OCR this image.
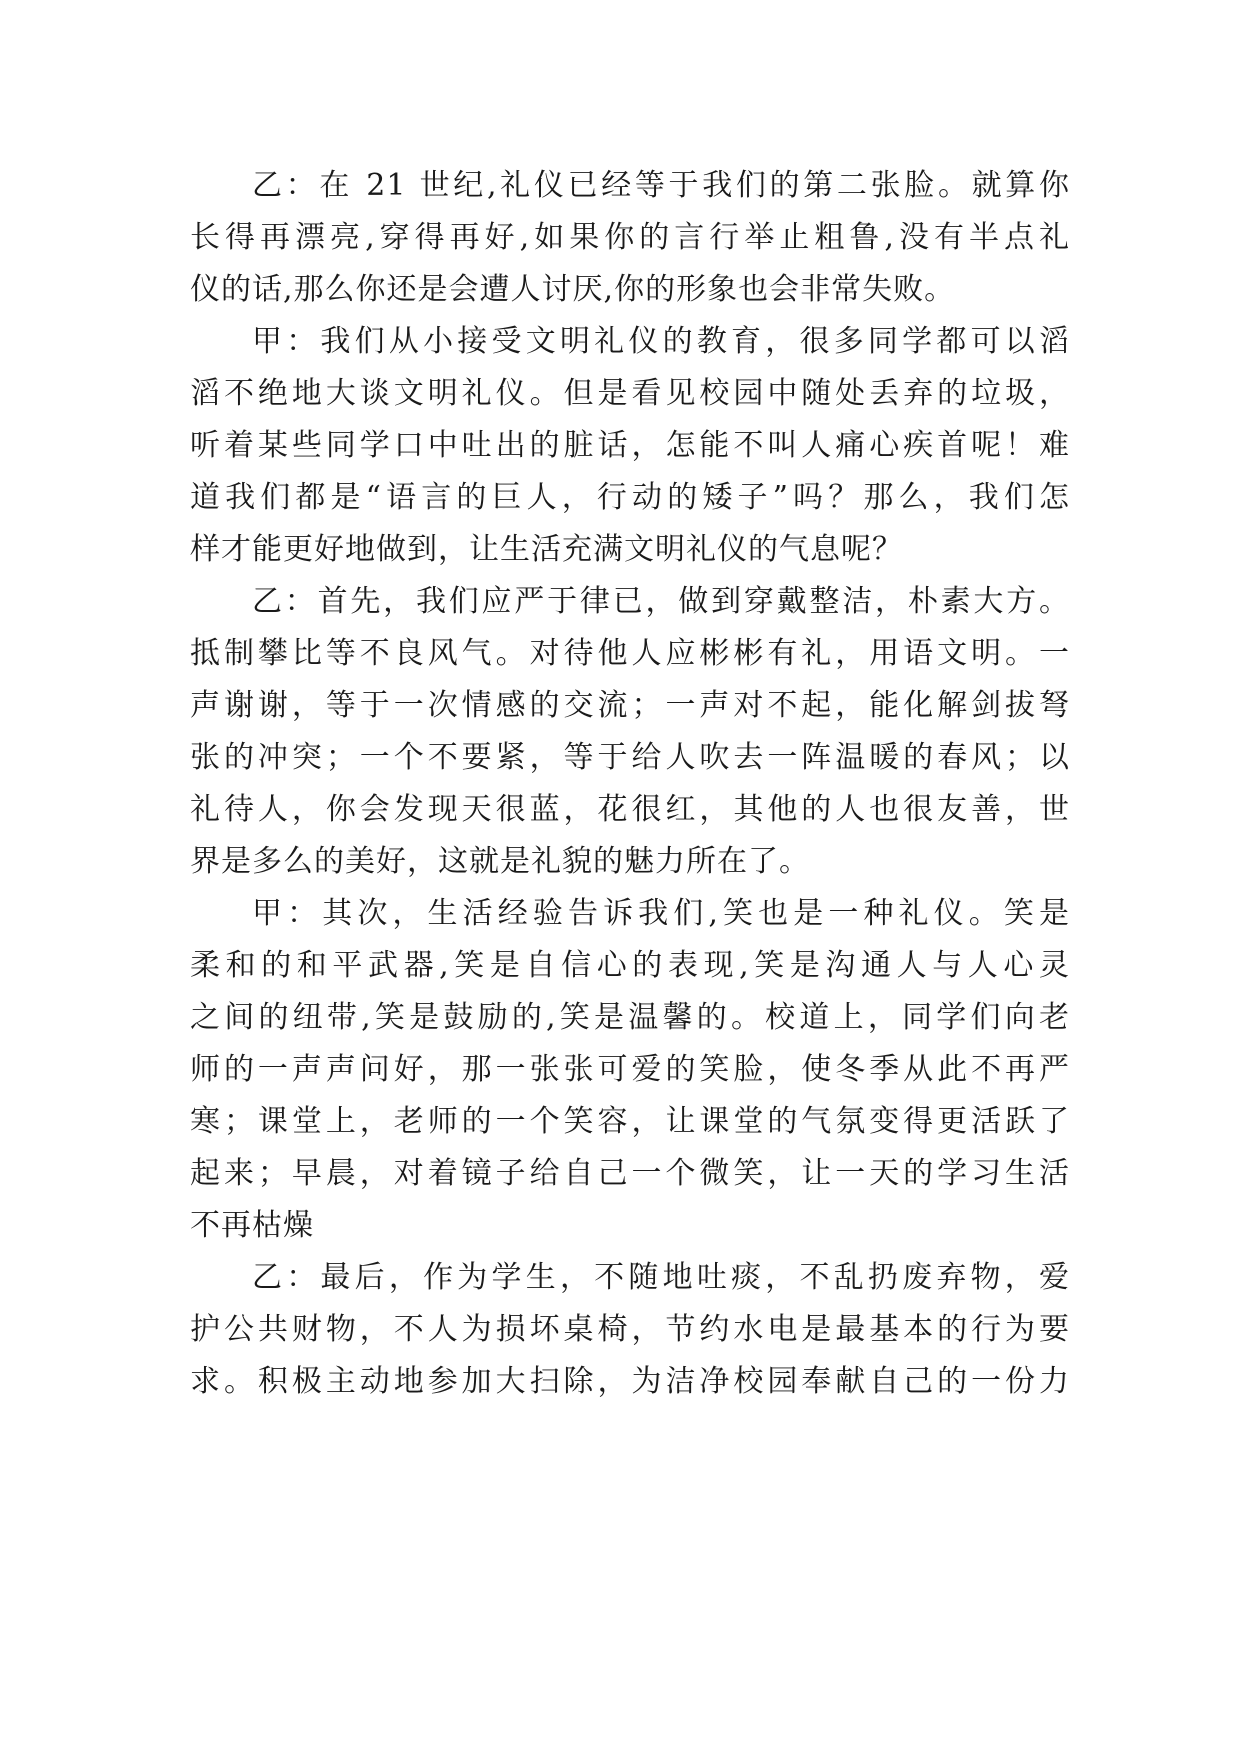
乙：在 21 世纪,礼仪已经等于我们的第二张脸。就算你
长得再漂亮,穿得再好,如果你的言行举止粗鲁,没有半点礼
仪的话,那么你还是会遭人讨厌,你的形象也会非常失败。
甲：我们从小接受文明礼仪的教育，很多同学都可以滔
滔不绝地大谈文明礼仪。但是看见校园中随处丢弃的垃圾，
听着某些同学口中吐出的脏话，怎能不叫人痛心疾首呢！难
道我们都是“语言的巨人，行动的矮子”吗？那么，我们怎
样才能更好地做到，让生活充满文明礼仪的气息呢？
乙：首先，我们应严于律已，做到穿戴整洁，朴素大方。
抵制攀比等不良风气。对待他人应彬彬有礼，用语文明。一
声谢谢，等于一次情感的交流；一声对不起，能化解剑拔弩
张的冲突；一个不要紧，等于给人吹去一阵温暖的春风；以
礼待人，你会发现天很蓝，花很红，其他的人也很友善，世
界是多么的美好，这就是礼貌的魅力所在了。
甲：其次，生活经验告诉我们,笑也是一种礼仪。笑是
柔和的和平武器,笑是自信心的表现,笑是沟通人与人心灵
之间的纽带,笑是鼓励的,笑是温馨的。校道上，同学们向老
师的一声声问好，那一张张可爱的笑脸，使冬季从此不再严
寒；课堂上，老师的一个笑容，让课堂的气氛变得更活跃了
起来；早晨，对着镜子给自己一个微笑，让一天的学习生活
不再枯燥
乙：最后，作为学生，不随地吐痰，不乱扔废弃物，爱
护公共财物，不人为损坏桌椅，节约水电是最基本的行为要
求。积极主动地参加大扫除，为洁净校园奉献自己的一份力
